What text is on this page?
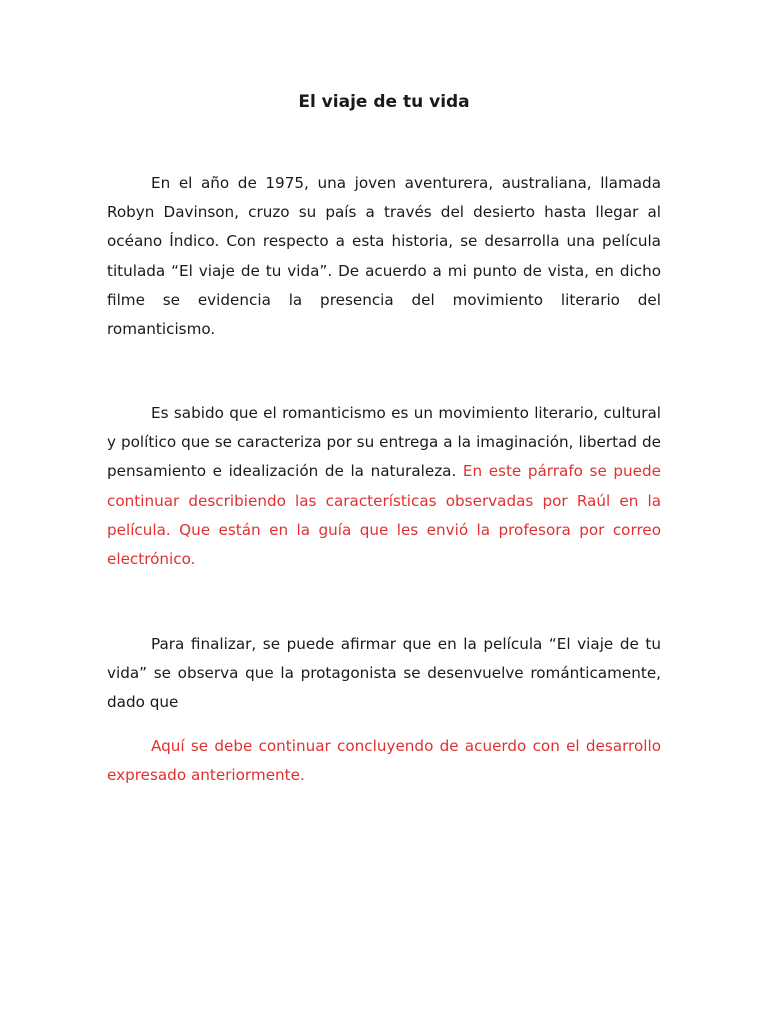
El viaje de tu vida

En el año de 1975, una joven aventurera, australiana, llamada Robyn Davinson, cruzo su país a través del desierto hasta llegar al océano Índico. Con respecto a esta historia, se desarrolla una película titulada “El viaje de tu vida”. De acuerdo a mi punto de vista, en dicho filme se evidencia la presencia del movimiento literario del romanticismo.

Es sabido que el romanticismo es un movimiento literario, cultural y político que se caracteriza por su entrega a la imaginación, libertad de pensamiento e idealización de la naturaleza. En este párrafo se puede continuar describiendo las características observadas por Raúl en la película. Que están en la guía que les envió la profesora por correo electrónico.

Para finalizar, se puede afirmar que en la película “El viaje de tu vida” se observa que la protagonista se desenvuelve románticamente, dado que

Aquí se debe continuar concluyendo de acuerdo con el desarrollo expresado anteriormente.
